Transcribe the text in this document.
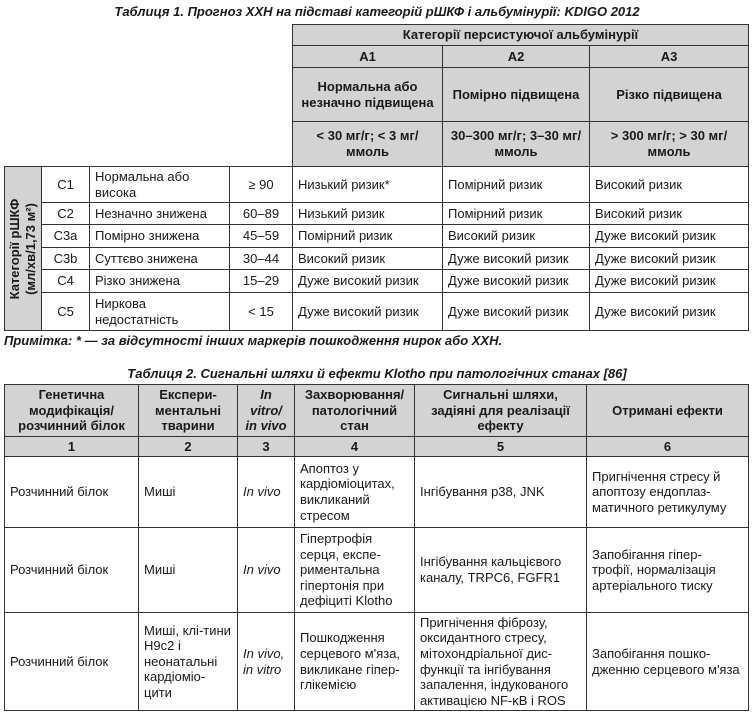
Таблиця 1. Прогноз ХХН на підставі категорій рШКФ і альбумінурії: KDIGO 2012
				Категорії персистуючої альбумінурії		
				A1	A2	A3
				Нормальна або незначно підвищена	Помірно підвищена	Різко підвищена
				< 30 мг/г; < 3 мг/ммоль	30–300 мг/г; 3–30 мг/ммоль	> 300 мг/г; > 30 мг/ммоль

Категорії рШКФ (мл/хв/1,73 м²)	C1	Нормальна або висока	≥ 90	Низький ризик*	Помірний ризик	Високий ризик
	C2	Незначно знижена	60–89	Низький ризик	Помірний ризик	Високий ризик
	C3a	Помірно знижена	45–59	Помірний ризик	Високий ризик	Дуже високий ризик
	C3b	Суттєво знижена	30–44	Високий ризик	Дуже високий ризик	Дуже високий ризик
	C4	Різко знижена	15–29	Дуже високий ризик	Дуже високий ризик	Дуже високий ризик
	C5	Ниркова недостатність	< 15	Дуже високий ризик	Дуже високий ризик	Дуже високий ризик
Примітка: * — за відсутності інших маркерів пошкодження нирок або ХХН.
Таблиця 2. Сигнальні шляхи й ефекти Klotho при патологічних станах [86]
Генетична модифікація/ розчинний білок	Експери-ментальні тварини	In vitro/ in vivo	Захворювання/ патологічний стан	Сигнальні шляхи, задіяні для реалізації ефекту	Отримані ефекти
1	2	3	4	5	6
Розчинний білок	Миші	In vivo	Апоптоз у кардіоміоцитах, викликаний стресом	Інгібування p38, JNK	Пригнічення стресу й апоптозу ендоплаз-матичного ретикулуму
Розчинний білок	Миші	In vivo	Гіпертрофія серця, експе-риментальна гіпертонія при дефіциті Klotho	Інгібування кальцієвого каналу, TRPC6, FGFR1	Запобігання гіпер-трофії, нормалізація артеріального тиску
Розчинний білок	Миші, клі-тини H9c2 і неонатальні кардіоміо-цити	In vivo, in vitro	Пошкодження серцевого м'яза, викликане гіпер-глікемією	Пригнічення фіброзу, оксидантного стресу, мітохондріальної дис-функції та інгібування запалення, індукованого активацією NF-κB і ROS	Запобігання пошко-дженню серцевого м'яза
